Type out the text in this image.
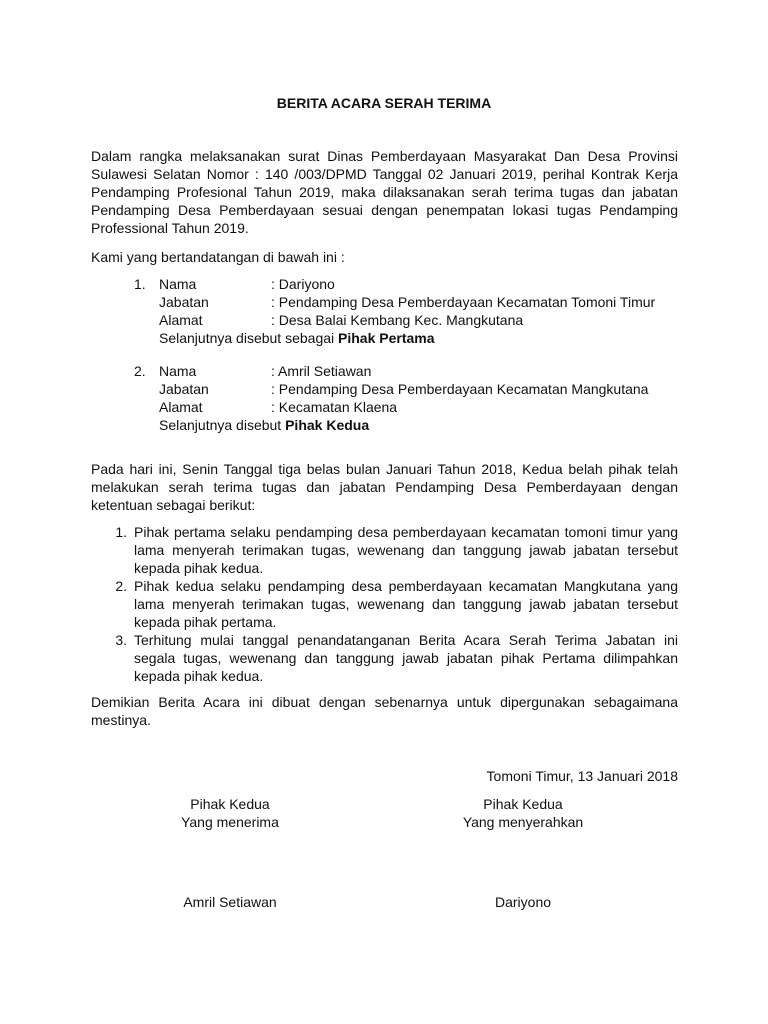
BERITA ACARA SERAH TERIMA

Dalam rangka melaksanakan surat Dinas Pemberdayaan Masyarakat Dan Desa Provinsi Sulawesi Selatan Nomor : 140 /003/DPMD Tanggal 02 Januari 2019, perihal Kontrak Kerja Pendamping Profesional Tahun 2019, maka dilaksanakan serah terima tugas dan jabatan Pendamping Desa Pemberdayaan sesuai dengan penempatan lokasi tugas Pendamping Professional Tahun 2019.

Kami yang bertandatangan di bawah ini :

1. Nama	: Dariyono
Jabatan	: Pendamping Desa Pemberdayaan Kecamatan Tomoni Timur
Alamat	: Desa Balai Kembang Kec. Mangkutana
Selanjutnya disebut sebagai Pihak Pertama
2. Nama	: Amril Setiawan
Jabatan	: Pendamping Desa Pemberdayaan Kecamatan Mangkutana
Alamat	: Kecamatan Klaena
Selanjutnya disebut Pihak Kedua

Pada hari ini, Senin Tanggal tiga belas bulan Januari Tahun 2018, Kedua belah pihak telah melakukan serah terima tugas dan jabatan Pendamping Desa Pemberdayaan dengan ketentuan sebagai berikut:

1. Pihak pertama selaku pendamping desa pemberdayaan kecamatan tomoni timur yang lama menyerah terimakan tugas, wewenang dan tanggung jawab jabatan tersebut kepada pihak kedua.
2. Pihak kedua selaku pendamping desa pemberdayaan kecamatan Mangkutana yang lama menyerah terimakan tugas, wewenang dan tanggung jawab jabatan tersebut kepada pihak pertama.
3. Terhitung mulai tanggal penandatanganan Berita Acara Serah Terima Jabatan ini segala tugas, wewenang dan tanggung jawab jabatan pihak Pertama dilimpahkan kepada pihak kedua.

Demikian Berita Acara ini dibuat dengan sebenarnya untuk dipergunakan sebagaimana mestinya.

Tomoni Timur, 13 Januari 2018
Pihak Kedua
Yang menerima
Amril Setiawan
Pihak Kedua
Yang menyerahkan
Dariyono
